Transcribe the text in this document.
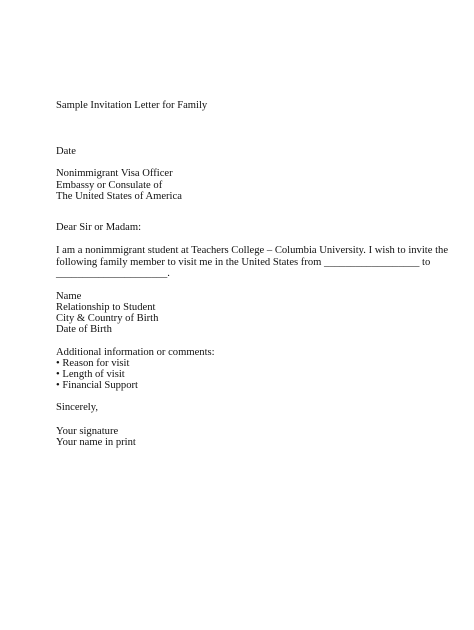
Sample Invitation Letter for Family
Date
Nonimmigrant Visa Officer
Embassy or Consulate of
The United States of America
Dear Sir or Madam:
I am a nonimmigrant student at Teachers College – Columbia University. I wish to invite the
following family member to visit me in the United States from __________________ to
_____________________.
Name
Relationship to Student
City & Country of Birth
Date of Birth
Additional information or comments:
• Reason for visit
• Length of visit
• Financial Support
Sincerely,
Your signature
Your name in print
